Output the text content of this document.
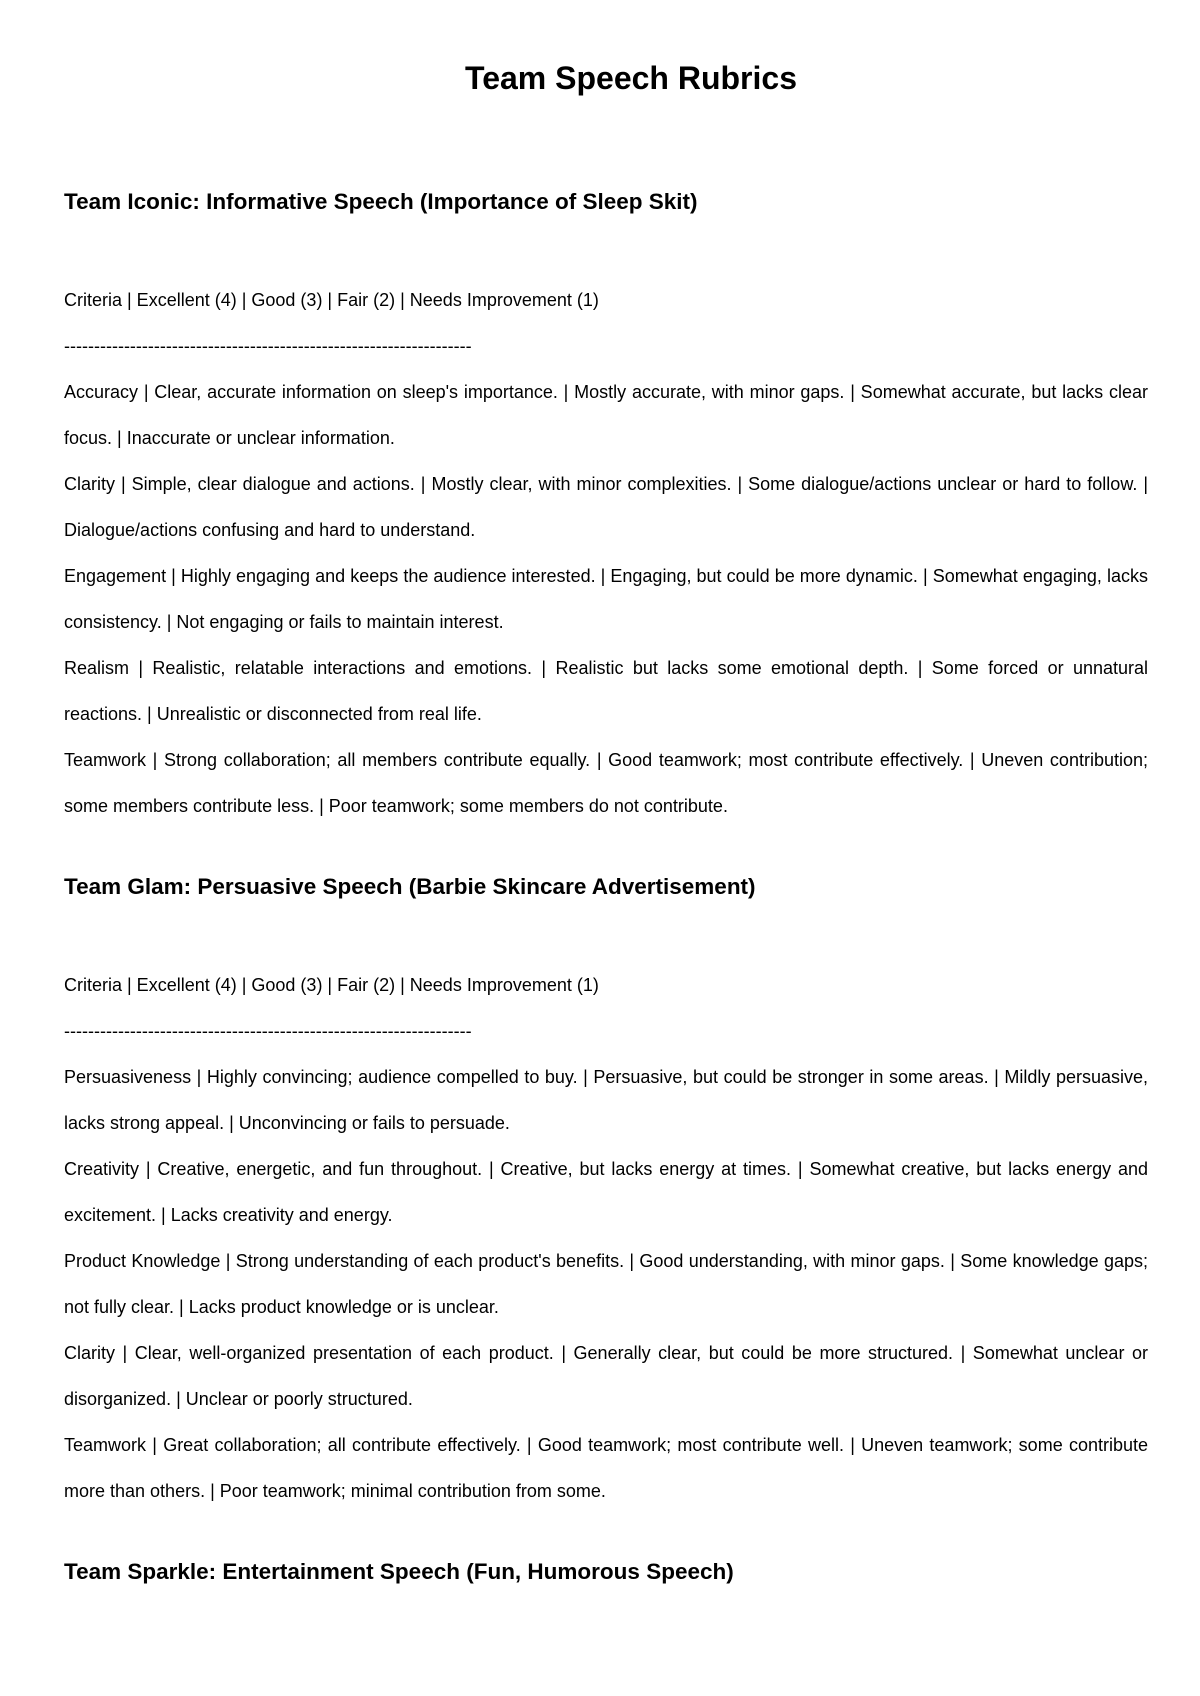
Team Speech Rubrics
Team Iconic: Informative Speech (Importance of Sleep Skit)
Criteria | Excellent (4) | Good (3) | Fair (2) | Needs Improvement (1)
--------------------------------------------------------------------
Accuracy | Clear, accurate information on sleep's importance. | Mostly accurate, with minor gaps. | Somewhat accurate, but lacks clear focus. | Inaccurate or unclear information.
Clarity | Simple, clear dialogue and actions. | Mostly clear, with minor complexities. | Some dialogue/actions unclear or hard to follow. | Dialogue/actions confusing and hard to understand.
Engagement | Highly engaging and keeps the audience interested. | Engaging, but could be more dynamic. | Somewhat engaging, lacks consistency. | Not engaging or fails to maintain interest.
Realism | Realistic, relatable interactions and emotions. | Realistic but lacks some emotional depth. | Some forced or unnatural reactions. | Unrealistic or disconnected from real life.
Teamwork | Strong collaboration; all members contribute equally. | Good teamwork; most contribute effectively. | Uneven contribution; some members contribute less. | Poor teamwork; some members do not contribute.
Team Glam: Persuasive Speech (Barbie Skincare Advertisement)
Criteria | Excellent (4) | Good (3) | Fair (2) | Needs Improvement (1)
--------------------------------------------------------------------
Persuasiveness | Highly convincing; audience compelled to buy. | Persuasive, but could be stronger in some areas. | Mildly persuasive, lacks strong appeal. | Unconvincing or fails to persuade.
Creativity | Creative, energetic, and fun throughout. | Creative, but lacks energy at times. | Somewhat creative, but lacks energy and excitement. | Lacks creativity and energy.
Product Knowledge | Strong understanding of each product's benefits. | Good understanding, with minor gaps. | Some knowledge gaps; not fully clear. | Lacks product knowledge or is unclear.
Clarity | Clear, well-organized presentation of each product. | Generally clear, but could be more structured. | Somewhat unclear or disorganized. | Unclear or poorly structured.
Teamwork | Great collaboration; all contribute effectively. | Good teamwork; most contribute well. | Uneven teamwork; some contribute more than others. | Poor teamwork; minimal contribution from some.
Team Sparkle: Entertainment Speech (Fun, Humorous Speech)
